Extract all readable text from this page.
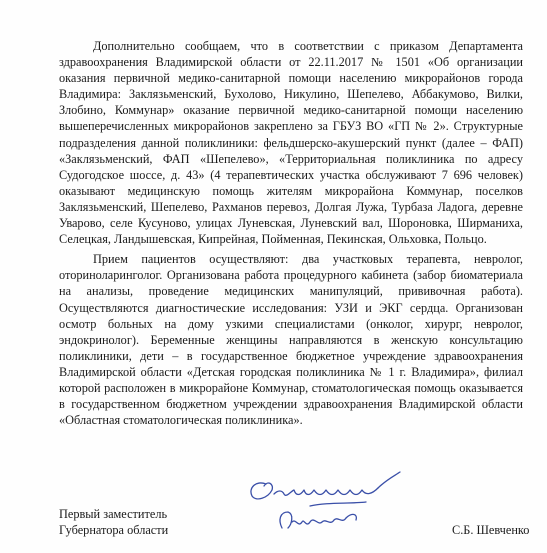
Дополнительно сообщаем, что в соответствии с приказом Департамента здравоохранения Владимирской области от 22.11.2017 № 1501 «Об организации оказания первичной медико-санитарной помощи населению микрорайонов города Владимира: Заклязьменский, Бухолово, Никулино, Шепелево, Аббакумово, Вилки, Злобино, Коммунар» оказание первичной медико-санитарной помощи населению вышеперечисленных микрорайонов закреплено за ГБУЗ ВО «ГП № 2». Структурные подразделения данной поликлиники: фельдшерско-акушерский пункт (далее – ФАП) «Заклязьменский, ФАП «Шепелево», «Территориальная поликлиника по адресу Судогодское шоссе, д. 43» (4 терапевтических участка обслуживают 7 696 человек) оказывают медицинскую помощь жителям микрорайона Коммунар, поселков Заклязьменский, Шепелево, Рахманов перевоз, Долгая Лужа, Турбаза Ладога, деревне Уварово, селе Кусуново, улицах Луневская, Луневский вал, Шороновка, Ширманиха, Селецкая, Ландышевская, Кипрейная, Пойменная, Пекинская, Ольховка, Польцо.

Прием пациентов осуществляют: два участковых терапевта, невролог, оториноларинголог. Организована работа процедурного кабинета (забор биоматериала на анализы, проведение медицинских манипуляций, прививочная работа). Осуществляются диагностические исследования: УЗИ и ЭКГ сердца. Организован осмотр больных на дому узкими специалистами (онколог, хирург, невролог, эндокринолог). Беременные женщины направляются в женскую консультацию поликлиники, дети – в государственное бюджетное учреждение здравоохранения Владимирской области «Детская городская поликлиника № 1 г. Владимира», филиал которой расположен в микрорайоне Коммунар, стоматологическая помощь оказывается в государственном бюджетном учреждении здравоохранения Владимирской области «Областная стоматологическая поликлиника».

Первый заместитель
Губернатора области	С.Б. Шевченко
